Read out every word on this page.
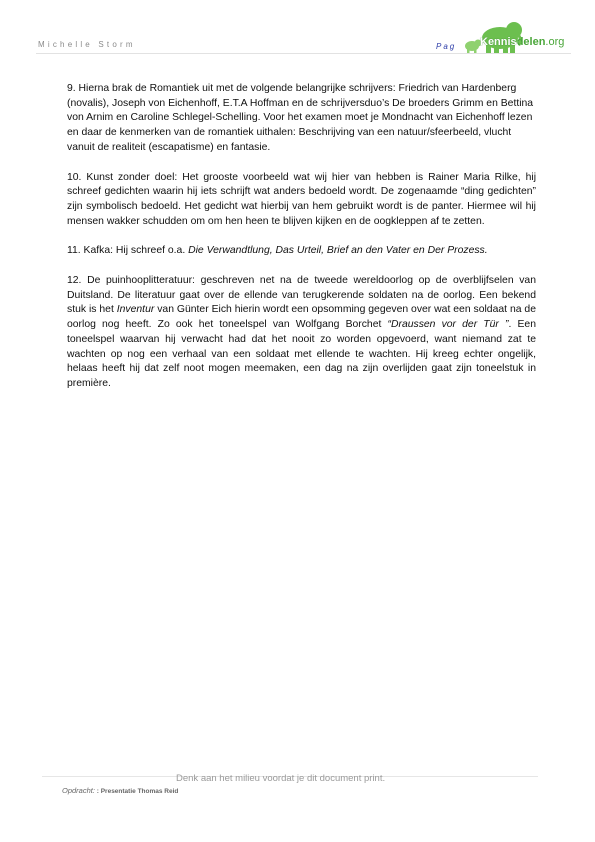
Michelle Storm	Pag Kennisdelen.org

9. Hierna brak de Romantiek uit met de volgende belangrijke schrijvers: Friedrich van Hardenberg (novalis), Joseph von Eichenhoff, E.T.A Hoffman en de schrijversduo’s De broeders Grimm en Bettina von Arnim en Caroline Schlegel-Schelling. Voor het examen moet je Mondnacht van Eichenhoff lezen en daar de kenmerken van de romantiek uithalen: Beschrijving van een natuur/sfeerbeeld, vlucht vanuit de realiteit (escapatisme) en fantasie.

10. Kunst zonder doel: Het grooste voorbeeld wat wij hier van hebben is Rainer Maria Rilke, hij schreef gedichten waarin hij iets schrijft wat anders bedoeld wordt. De zogenaamde “ding gedichten” zijn symbolisch bedoeld. Het gedicht wat hierbij van hem gebruikt wordt is de panter. Hiermee wil hij mensen wakker schudden om om hen heen te blijven kijken en de oogkleppen af te zetten.

11. Kafka: Hij schreef o.a. Die Verwandtlung, Das Urteil, Brief an den Vater en Der Prozess.

12. De puinhooplitteratuur: geschreven net na de tweede wereldoorlog op de overblijfselen van Duitsland. De literatuur gaat over de ellende van terugkerende soldaten na de oorlog. Een bekend stuk is het Inventur van Günter Eich hierin wordt een opsomming gegeven over wat een soldaat na de oorlog nog heeft. Zo ook het toneelspel van Wolfgang Borchet “Draussen vor der Tür ”. Een toneelspel waarvan hij verwacht had dat het nooit zo worden opgevoerd, want niemand zat te wachten op nog een verhaal van een soldaat met ellende te wachten. Hij kreeg echter ongelijk, helaas heeft hij dat zelf noot mogen meemaken, een dag na zijn overlijden gaat zijn toneelstuk in première.

Denk aan het milieu voordat je dit document print.
Opdracht: : Presentatie Thomas Reid
